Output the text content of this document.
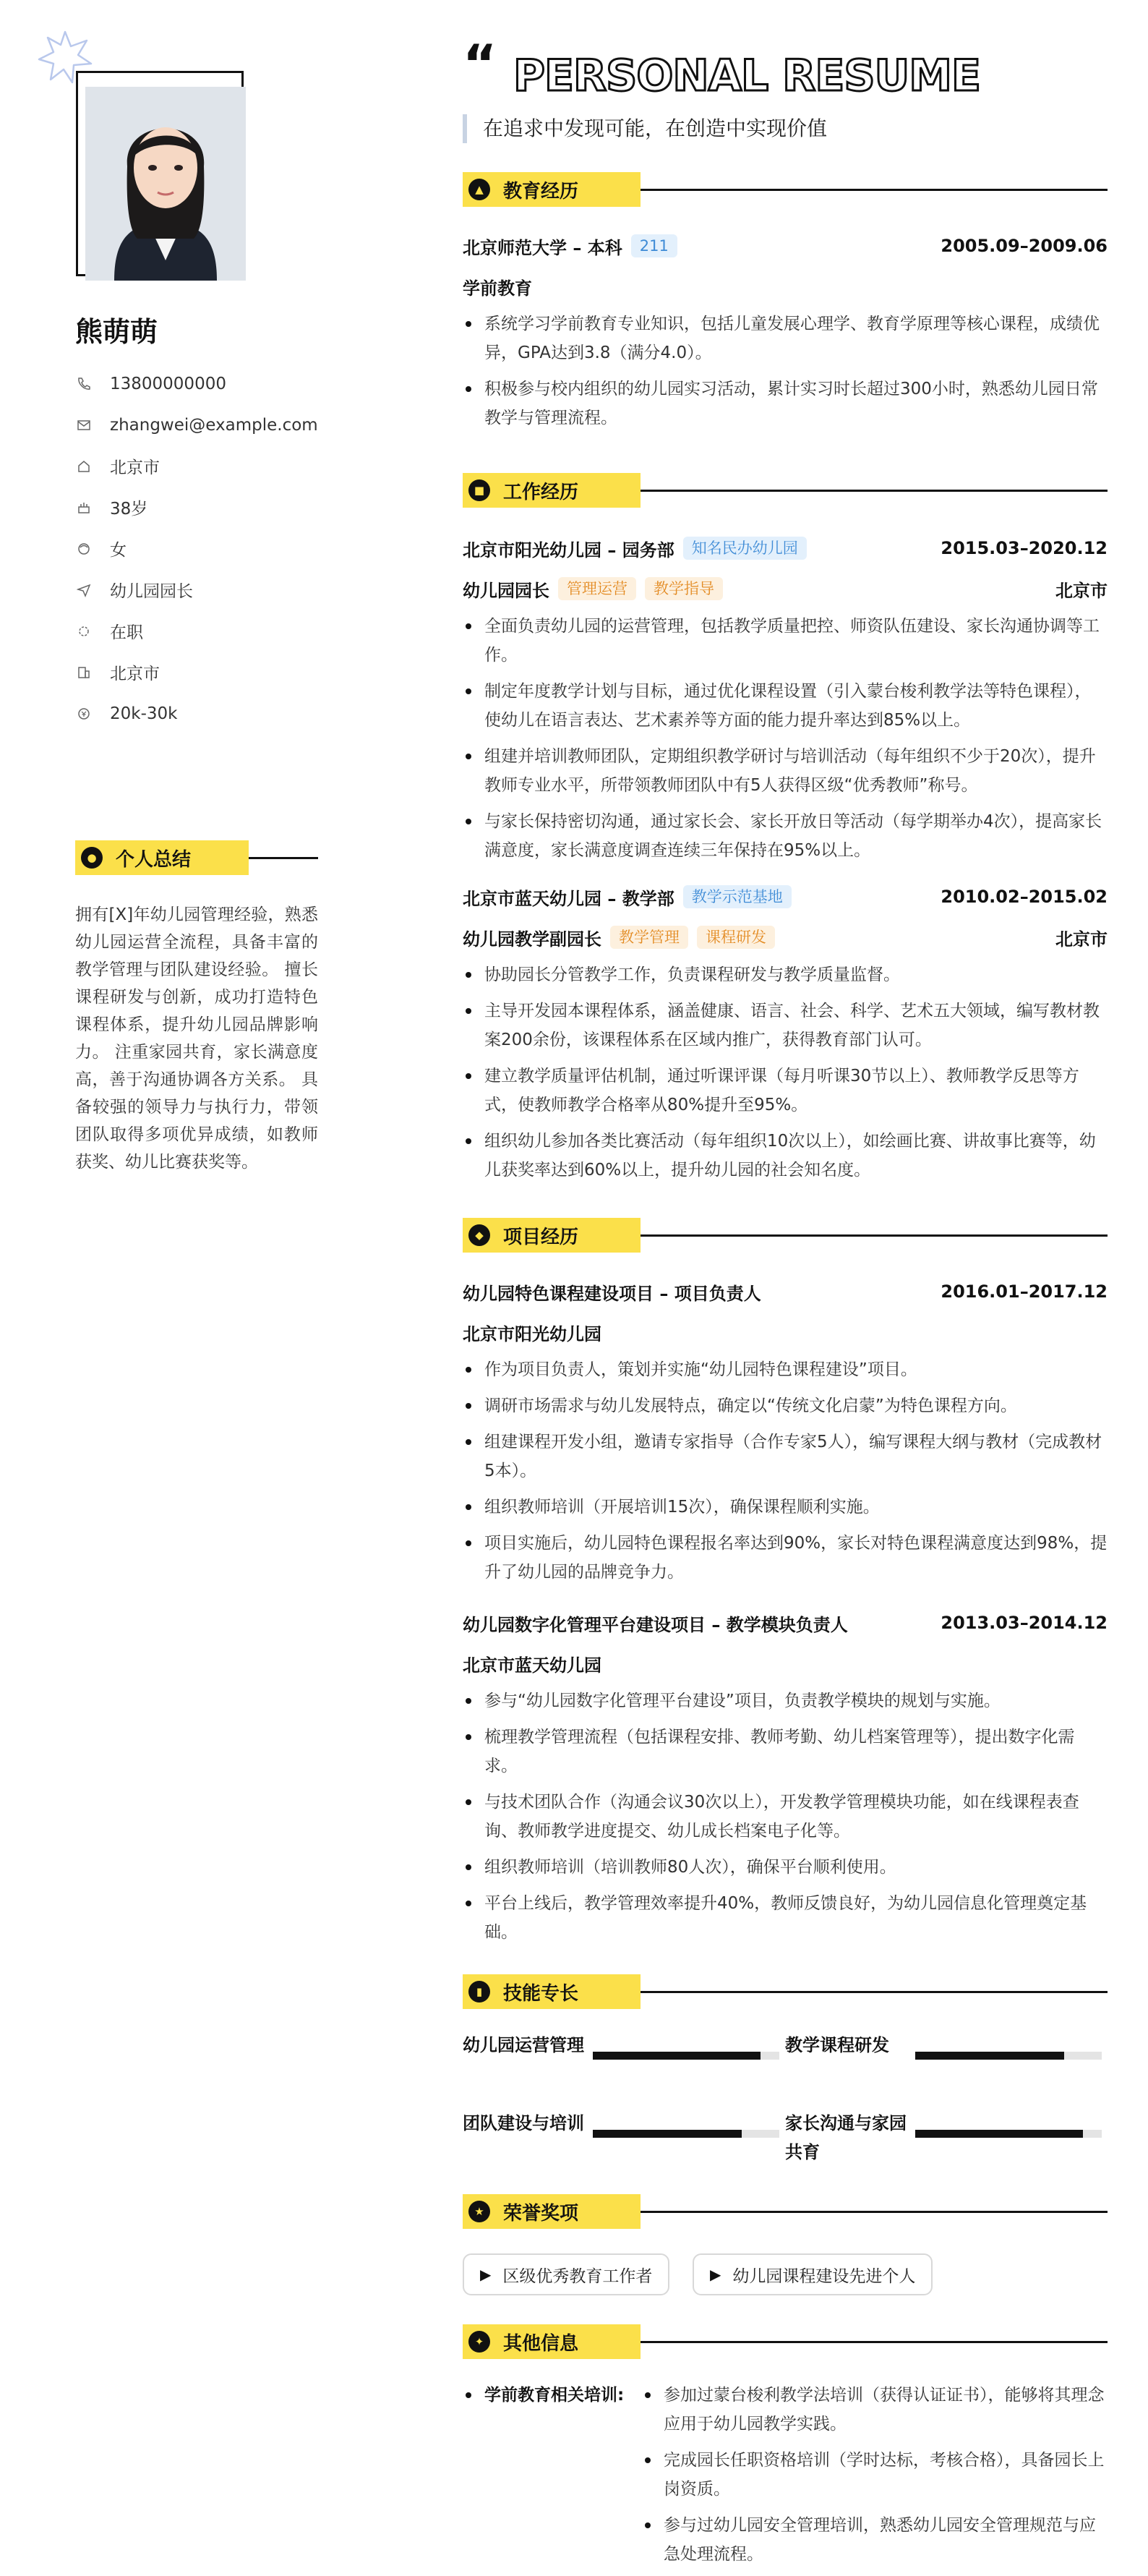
熊萌萌
13800000000
zhangwei@example.com
北京市
38岁
女
幼儿园园长
在职
北京市
20k-30k
●	个人总结
拥有[X]年幼儿园管理经验，熟悉幼儿园运营全流程，具备丰富的教学管理与团队建设经验。 擅长课程研发与创新，成功打造特色课程体系，提升幼儿园品牌影响力。 注重家园共育，家长满意度高，善于沟通协调各方关系。 具备较强的领导力与执行力，带领团队取得多项优异成绩，如教师获奖、幼儿比赛获奖等。
“ PERSONAL RESUME
在追求中发现可能，在创造中实现价值
▲	教育经历
北京师范大学 – 本科	211	2005.09–2009.06
学前教育
系统学习学前教育专业知识，包括儿童发展心理学、教育学原理等核心课程，成绩优异，GPA达到3.8（满分4.0）。
积极参与校内组织的幼儿园实习活动，累计实习时长超过300小时，熟悉幼儿园日常教学与管理流程。
■ 工作经历
北京市阳光幼儿园 – 园务部	知名民办幼儿园	2015.03–2020.12
幼儿园园长	管理运营	教学指导	北京市
全面负责幼儿园的运营管理，包括教学质量把控、师资队伍建设、家长沟通协调等工作。
制定年度教学计划与目标，通过优化课程设置（引入蒙台梭利教学法等特色课程），使幼儿在语言表达、艺术素养等方面的能力提升率达到85%以上。
组建并培训教师团队，定期组织教学研讨与培训活动（每年组织不少于20次），提升教师专业水平，所带领教师团队中有5人获得区级“优秀教师”称号。
与家长保持密切沟通，通过家长会、家长开放日等活动（每学期举办4次），提高家长满意度，家长满意度调查连续三年保持在95%以上。
北京市蓝天幼儿园 – 教学部	教学示范基地	2010.02–2015.02
幼儿园教学副园长	教学管理	课程研发	北京市
协助园长分管教学工作，负责课程研发与教学质量监督。
主导开发园本课程体系，涵盖健康、语言、社会、科学、艺术五大领域，编写教材教案200余份，该课程体系在区域内推广，获得教育部门认可。
建立教学质量评估机制，通过听课评课（每月听课30节以上）、教师教学反思等方式，使教师教学合格率从80%提升至95%。
组织幼儿参加各类比赛活动（每年组织10次以上），如绘画比赛、讲故事比赛等，幼儿获奖率达到60%以上，提升幼儿园的社会知名度。
◆	项目经历
幼儿园特色课程建设项目 – 项目负责人	2016.01–2017.12
北京市阳光幼儿园
作为项目负责人，策划并实施“幼儿园特色课程建设”项目。
调研市场需求与幼儿发展特点，确定以“传统文化启蒙”为特色课程方向。
组建课程开发小组，邀请专家指导（合作专家5人），编写课程大纲与教材（完成教材5本）。
组织教师培训（开展培训15次），确保课程顺利实施。
项目实施后，幼儿园特色课程报名率达到90%，家长对特色课程满意度达到98%，提升了幼儿园的品牌竞争力。
幼儿园数字化管理平台建设项目 – 教学模块负责人	2013.03–2014.12
北京市蓝天幼儿园
参与“幼儿园数字化管理平台建设”项目，负责教学模块的规划与实施。
梳理教学管理流程（包括课程安排、教师考勤、幼儿档案管理等），提出数字化需求。
与技术团队合作（沟通会议30次以上），开发教学管理模块功能，如在线课程表查询、教师教学进度提交、幼儿成长档案电子化等。
组织教师培训（培训教师80人次），确保平台顺利使用。
平台上线后，教学管理效率提升40%，教师反馈良好，为幼儿园信息化管理奠定基础。
▮	技能专长
幼儿园运营管理	教学课程研发
团队建设与培训	家长沟通与家园共育
★	荣誉奖项
▶ 区级优秀教育工作者	▶ 幼儿园课程建设先进个人
✦	其他信息
学前教育相关培训:	参加过蒙台梭利教学法培训（获得认证证书），能够将其理念应用于幼儿园教学实践。
完成园长任职资格培训（学时达标，考核合格），具备园长上岗资质。
参与过幼儿园安全管理培训，熟悉幼儿园安全管理规范与应急处理流程。
